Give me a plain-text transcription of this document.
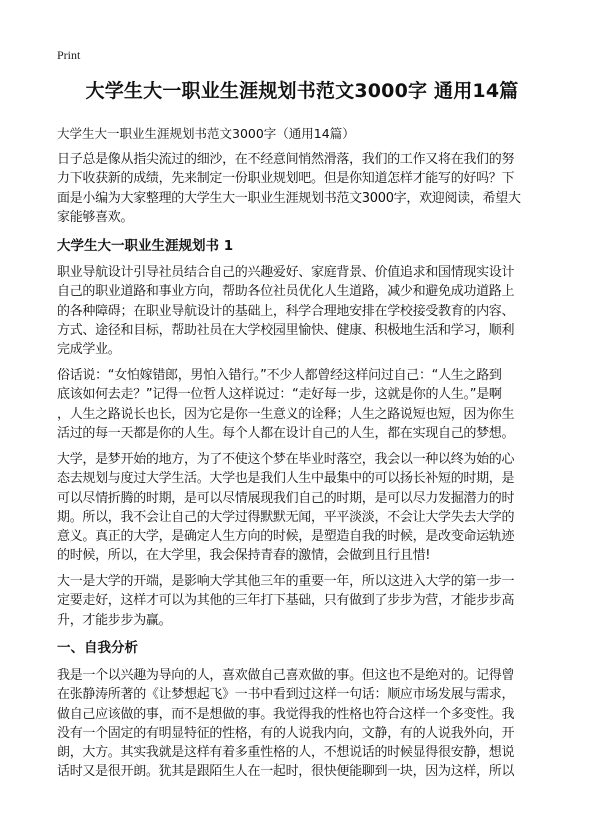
Print
大学生大一职业生涯规划书范文3000字 通用14篇

大学生大一职业生涯规划书范文3000字（通用14篇）

日子总是像从指尖流过的细沙，在不经意间悄然滑落，我们的工作又将在我们的努
力下收获新的成绩，先来制定一份职业规划吧。但是你知道怎样才能写的好吗？下
面是小编为大家整理的大学生大一职业生涯规划书范文3000字，欢迎阅读，希望大
家能够喜欢。

大学生大一职业生涯规划书 1

职业导航设计引导社员结合自己的兴趣爱好、家庭背景、价值追求和国情现实设计
自己的职业道路和事业方向，帮助各位社员优化人生道路，减少和避免成功道路上
的各种障碍；在职业导航设计的基础上，科学合理地安排在学校接受教育的内容、
方式、途径和目标，帮助社员在大学校园里愉快、健康、积极地生活和学习，顺利
完成学业。

俗话说：“女怕嫁错郎，男怕入错行。”不少人都曾经这样问过自己：“人生之路到
底该如何去走？”记得一位哲人这样说过：“走好每一步，这就是你的人生。”是啊
，人生之路说长也长，因为它是你一生意义的诠释；人生之路说短也短，因为你生
活过的每一天都是你的人生。每个人都在设计自己的人生，都在实现自己的梦想。

大学，是梦开始的地方，为了不使这个梦在毕业时落空，我会以一种以终为始的心
态去规划与度过大学生活。大学也是我们人生中最集中的可以扬长补短的时期，是
可以尽情折腾的时期，是可以尽情展现我们自己的时期，是可以尽力发掘潜力的时
期。所以，我不会让自己的大学过得默默无闻，平平淡淡，不会让大学失去大学的
意义。真正的大学，是确定人生方向的时候，是塑造自我的时候，是改变命运轨迹
的时候，所以，在大学里，我会保持青春的激情，会做到且行且惜!

大一是大学的开端，是影响大学其他三年的重要一年，所以这进入大学的第一步一
定要走好，这样才可以为其他的三年打下基础，只有做到了步步为营，才能步步高
升，才能步步为赢。

一、自我分析

我是一个以兴趣为导向的人，喜欢做自己喜欢做的事。但这也不是绝对的。记得曾
在张静涛所著的《让梦想起飞》一书中看到过这样一句话：顺应市场发展与需求，
做自己应该做的事，而不是想做的事。我觉得我的性格也符合这样一个多变性。我
没有一个固定的有明显特征的性格，有的人说我内向，文静，有的人说我外向，开
朗，大方。其实我就是这样有着多重性格的人，不想说话的时候显得很安静，想说
话时又是很开朗。犹其是跟陌生人在一起时，很快便能聊到一块，因为这样，所以
